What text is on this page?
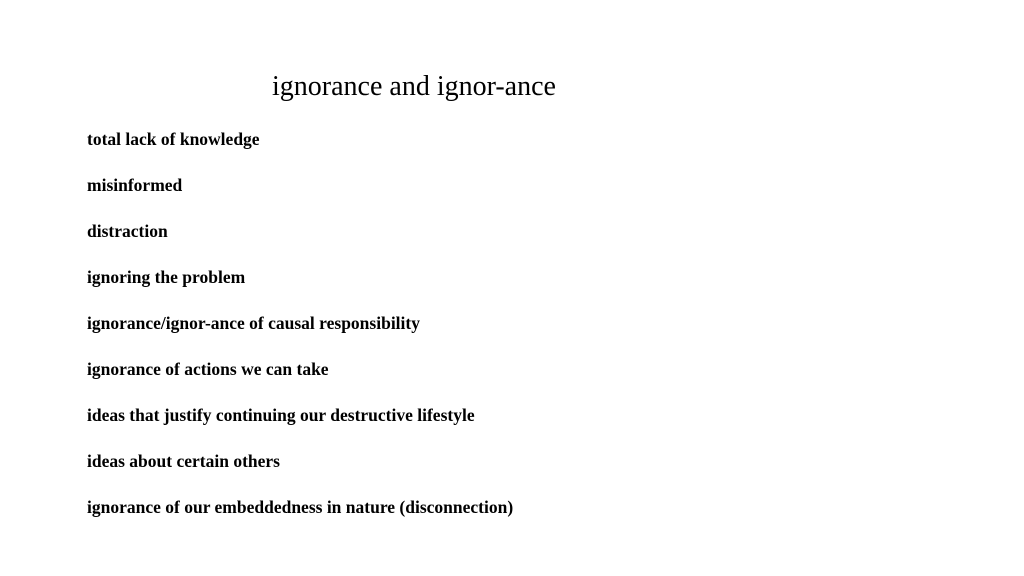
ignorance and ignor-ance
total lack of knowledge
misinformed
distraction
ignoring the problem
ignorance/ignor-ance of causal responsibility
ignorance of actions we can take
ideas that justify continuing our destructive lifestyle
ideas about certain others
ignorance of our embeddedness in nature (disconnection)
